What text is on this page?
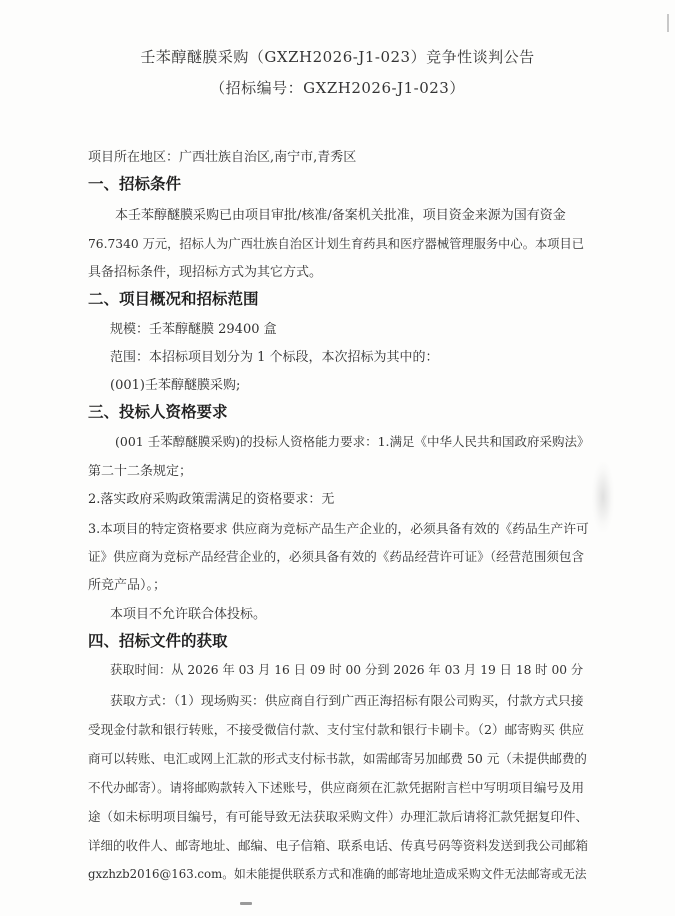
壬苯醇醚膜采购（GXZH2026-J1-023）竞争性谈判公告
（招标编号：GXZH2026-J1-023）
项目所在地区：广西壮族自治区,南宁市,青秀区
一、招标条件
本壬苯醇醚膜采购已由项目审批/核准/备案机关批准，项目资金来源为国有资金
76.7340 万元，招标人为广西壮族自治区计划生育药具和医疗器械管理服务中心。本项目已
具备招标条件，现招标方式为其它方式。
二、项目概况和招标范围
规模：壬苯醇醚膜 29400 盒
范围：本招标项目划分为 1 个标段，本次招标为其中的：
(001)壬苯醇醚膜采购;
三、投标人资格要求
(001 壬苯醇醚膜采购)的投标人资格能力要求：1.满足《中华人民共和国政府采购法》
第二十二条规定；
2.落实政府采购政策需满足的资格要求：无
3.本项目的特定资格要求 供应商为竞标产品生产企业的，必须具备有效的《药品生产许可
证》供应商为竞标产品经营企业的，必须具备有效的《药品经营许可证》（经营范围须包含
所竞产品）。；
本项目不允许联合体投标。
四、招标文件的获取
获取时间：从 2026 年 03 月 16 日 09 时 00 分到 2026 年 03 月 19 日 18 时 00 分
获取方式：（1）现场购买：供应商自行到广西正海招标有限公司购买，付款方式只接
受现金付款和银行转账，不接受微信付款、支付宝付款和银行卡刷卡。（2）邮寄购买 供应
商可以转账、电汇或网上汇款的形式支付标书款，如需邮寄另加邮费 50 元（未提供邮费的
不代办邮寄）。请将邮购款转入下述账号，供应商须在汇款凭据附言栏中写明项目编号及用
途（如未标明项目编号，有可能导致无法获取采购文件）办理汇款后请将汇款凭据复印件、
详细的收件人、邮寄地址、邮编、电子信箱、联系电话、传真号码等资料发送到我公司邮箱
gxzhzb2016@163.com。如未能提供联系方式和准确的邮寄地址造成采购文件无法邮寄或无法
